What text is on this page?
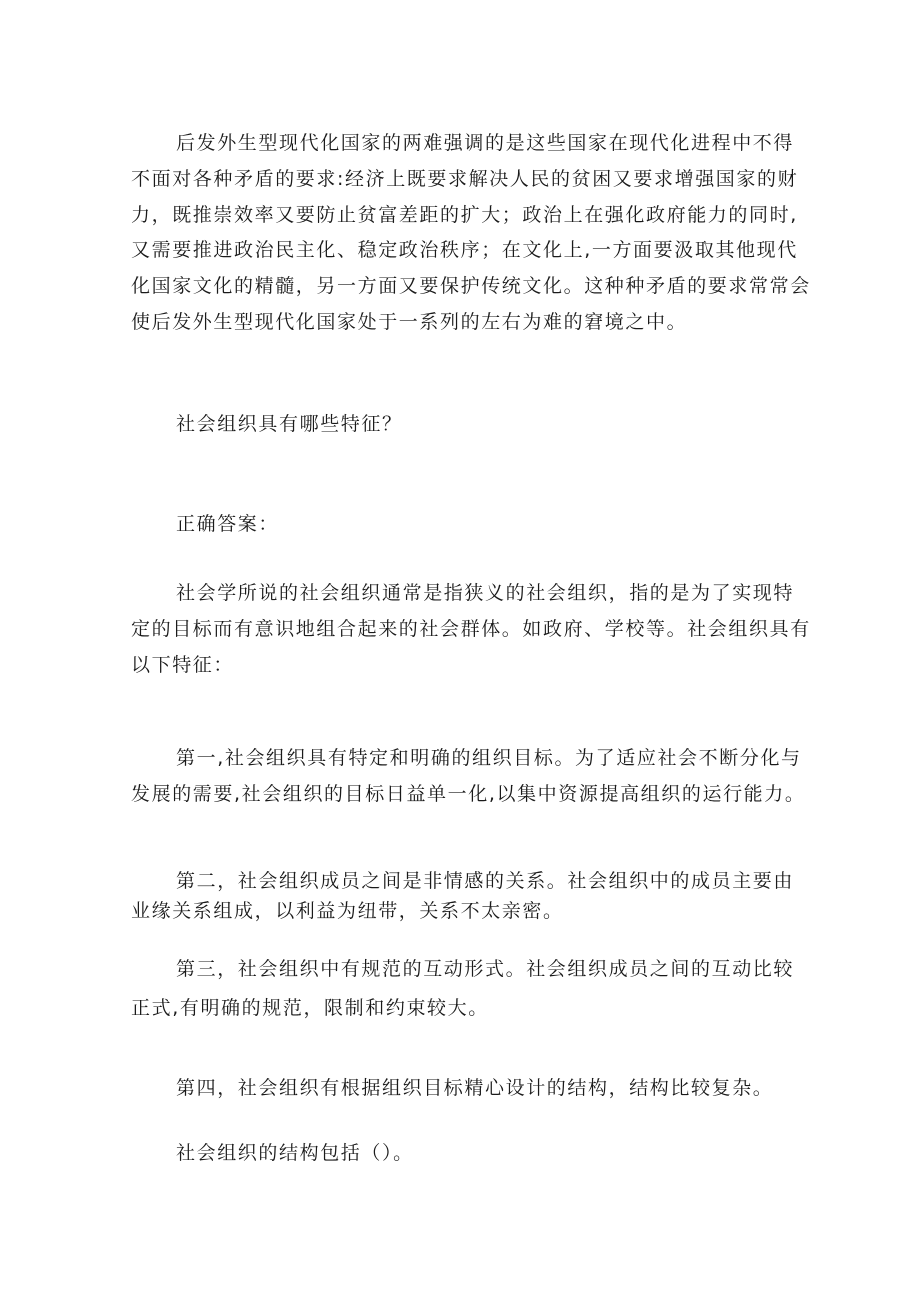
后发外生型现代化国家的两难强调的是这些国家在现代化进程中不得
不面对各种矛盾的要求:经济上既要求解决人民的贫困又要求增强国家的财
力，既推崇效率又要防止贫富差距的扩大；政治上在强化政府能力的同时,
又需要推进政治民主化、稳定政治秩序；在文化上,一方面要汲取其他现代
化国家文化的精髓，另一方面又要保护传统文化。这种种矛盾的要求常常会
使后发外生型现代化国家处于一系列的左右为难的窘境之中。

社会组织具有哪些特征？

正确答案：

社会学所说的社会组织通常是指狭义的社会组织，指的是为了实现特
定的目标而有意识地组合起来的社会群体。如政府、学校等。社会组织具有
以下特征：

第一,社会组织具有特定和明确的组织目标。为了适应社会不断分化与
发展的需要,社会组织的目标日益单一化,以集中资源提高组织的运行能力。

第二，社会组织成员之间是非情感的关系。社会组织中的成员主要由
业缘关系组成，以利益为纽带，关系不太亲密。

第三，社会组织中有规范的互动形式。社会组织成员之间的互动比较
正式,有明确的规范，限制和约束较大。

第四，社会组织有根据组织目标精心设计的结构，结构比较复杂。

社会组织的结构包括（）。
